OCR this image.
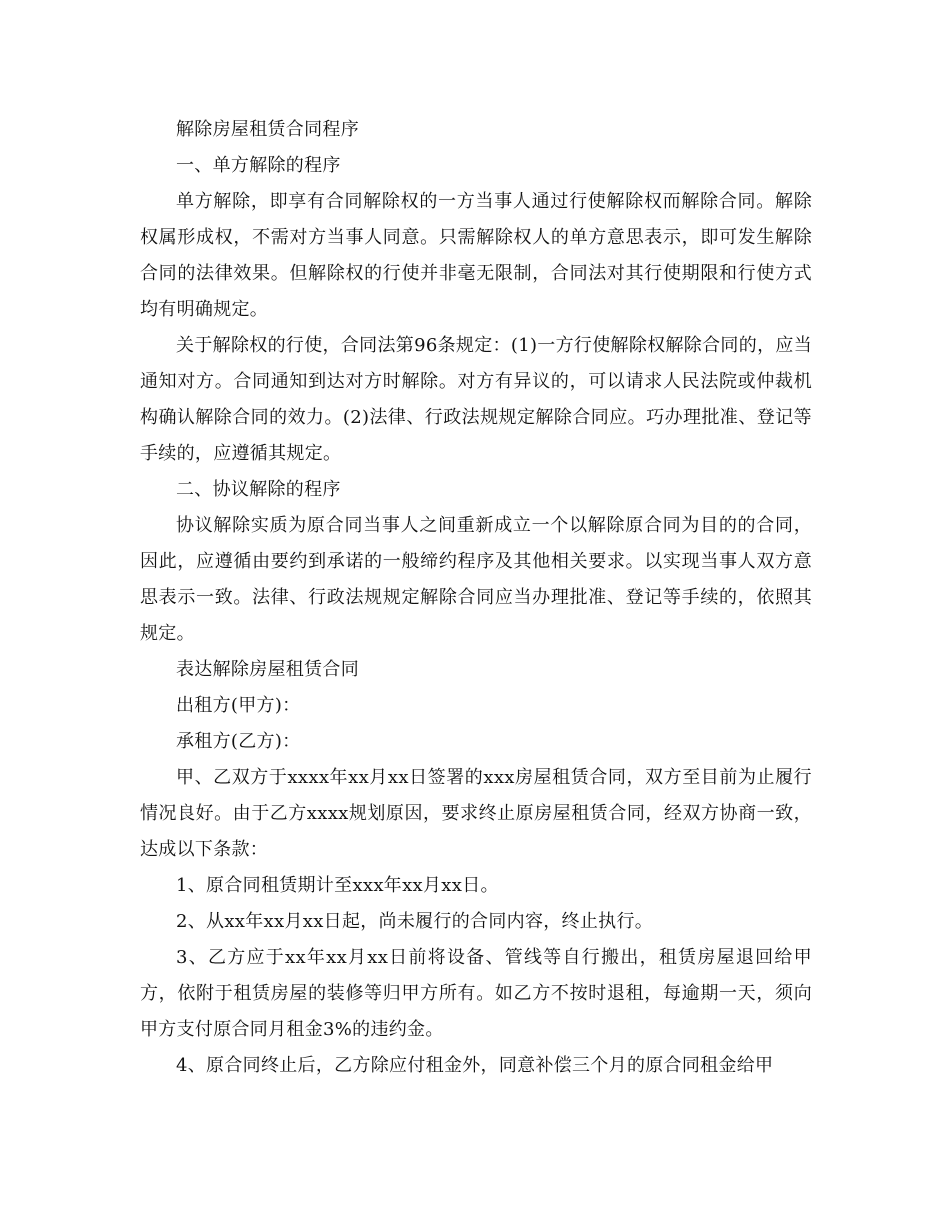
解除房屋租赁合同程序

一、单方解除的程序

单方解除，即享有合同解除权的一方当事人通过行使解除权而解除合同。解除权属形成权，不需对方当事人同意。只需解除权人的单方意思表示，即可发生解除合同的法律效果。但解除权的行使并非毫无限制，合同法对其行使期限和行使方式均有明确规定。

关于解除权的行使，合同法第96条规定：(1)一方行使解除权解除合同的，应当通知对方。合同通知到达对方时解除。对方有异议的，可以请求人民法院或仲裁机构确认解除合同的效力。(2)法律、行政法规规定解除合同应。巧办理批准、登记等手续的，应遵循其规定。

二、协议解除的程序

协议解除实质为原合同当事人之间重新成立一个以解除原合同为目的的合同，因此，应遵循由要约到承诺的一般缔约程序及其他相关要求。以实现当事人双方意思表示一致。法律、行政法规规定解除合同应当办理批准、登记等手续的，依照其规定。

表达解除房屋租赁合同

出租方(甲方)：

承租方(乙方)：

甲、乙双方于xxxx年xx月xx日签署的xxx房屋租赁合同，双方至目前为止履行情况良好。由于乙方xxxx规划原因，要求终止原房屋租赁合同，经双方协商一致，达成以下条款：

1、原合同租赁期计至xxx年xx月xx日。

2、从xx年xx月xx日起，尚未履行的合同内容，终止执行。

3、乙方应于xx年xx月xx日前将设备、管线等自行搬出，租赁房屋退回给甲方，依附于租赁房屋的装修等归甲方所有。如乙方不按时退租，每逾期一天，须向甲方支付原合同月租金3%的违约金。

4、原合同终止后，乙方除应付租金外，同意补偿三个月的原合同租金给甲
